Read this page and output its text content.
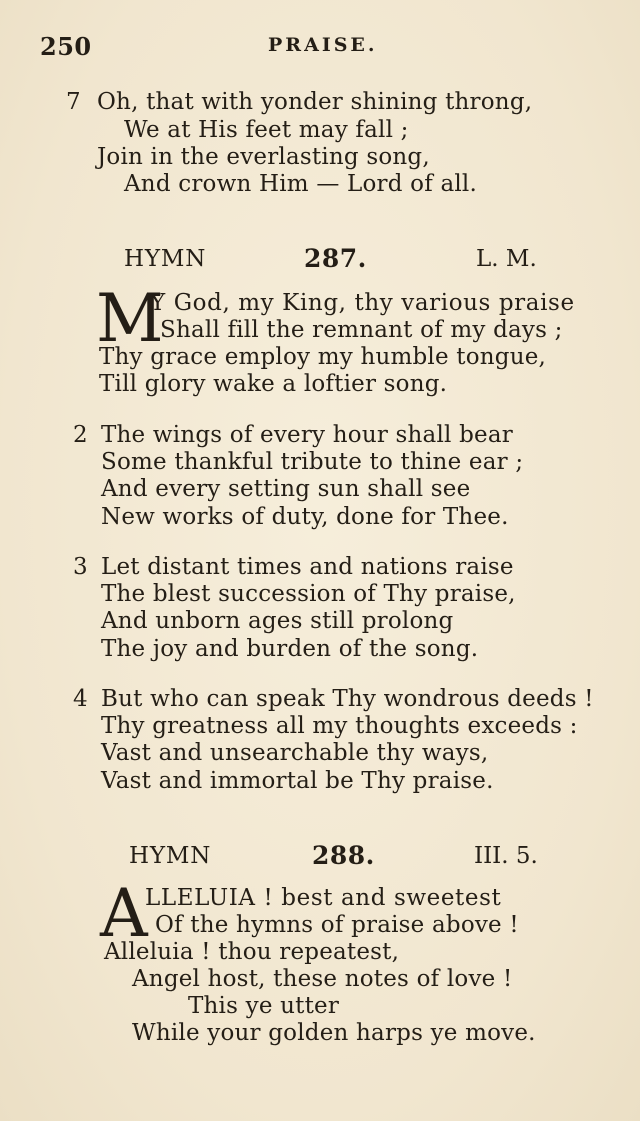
250	PRAISE.
7 Oh, that with yonder shining throng,
We at His feet may fall ;
Join in the everlasting song,
And crown Him — Lord of all.
HYMN	287.	L. M.
M
Y God, my King, thy various praise
Shall fill the remnant of my days ;
Thy grace employ my humble tongue,
Till glory wake a loftier song.
2 The wings of every hour shall bear
Some thankful tribute to thine ear ;
And every setting sun shall see
New works of duty, done for Thee.
3 Let distant times and nations raise
The blest succession of Thy praise,
And unborn ages still prolong
The joy and burden of the song.
4 But who can speak Thy wondrous deeds !
Thy greatness all my thoughts exceeds :
Vast and unsearchable thy ways,
Vast and immortal be Thy praise.
HYMN	288.	III. 5.
A
LLELUIA ! best and sweetest
Of the hymns of praise above !
Alleluia ! thou repeatest,
Angel host, these notes of love !
This ye utter
While your golden harps ye move.
